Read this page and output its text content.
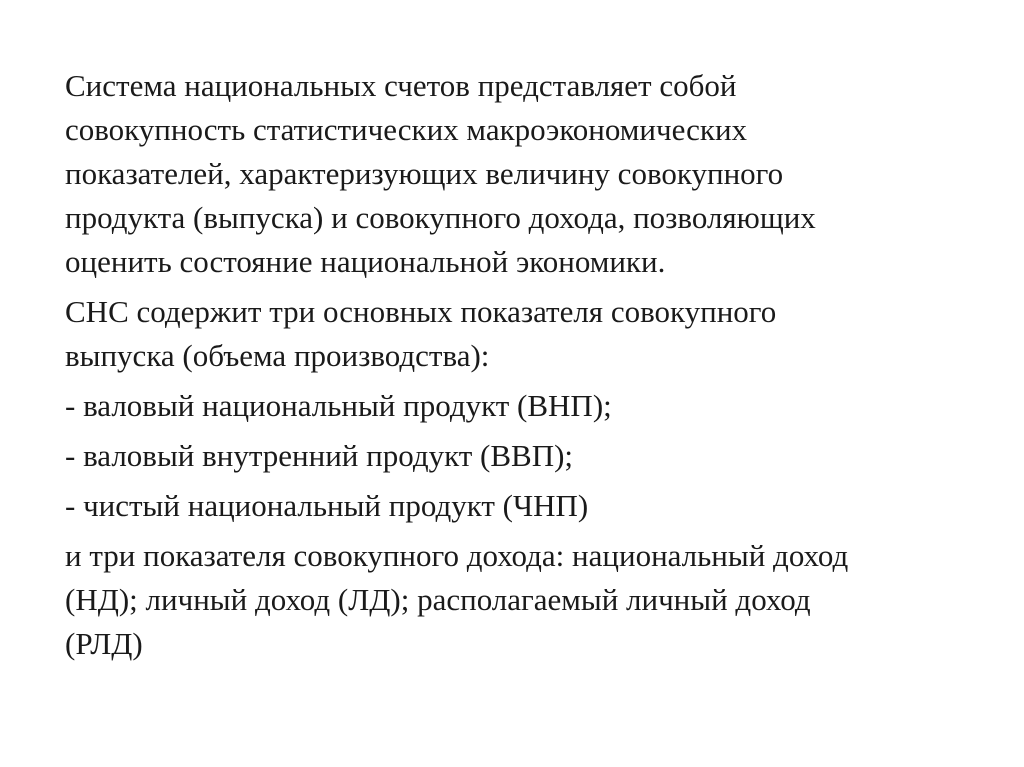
Система национальных счетов представляет собой

совокупность статистических макроэкономических

показателей, характеризующих величину совокупного

продукта (выпуска) и совокупного дохода, позволяющих

оценить состояние национальной экономики.

СНС содержит три основных показателя совокупного

выпуска (объема производства):

- валовый национальный продукт (ВНП);

- валовый внутренний продукт (ВВП);

- чистый национальный продукт (ЧНП)

и три показателя совокупного дохода: национальный доход

(НД); личный доход (ЛД); располагаемый личный доход

(РЛД)
